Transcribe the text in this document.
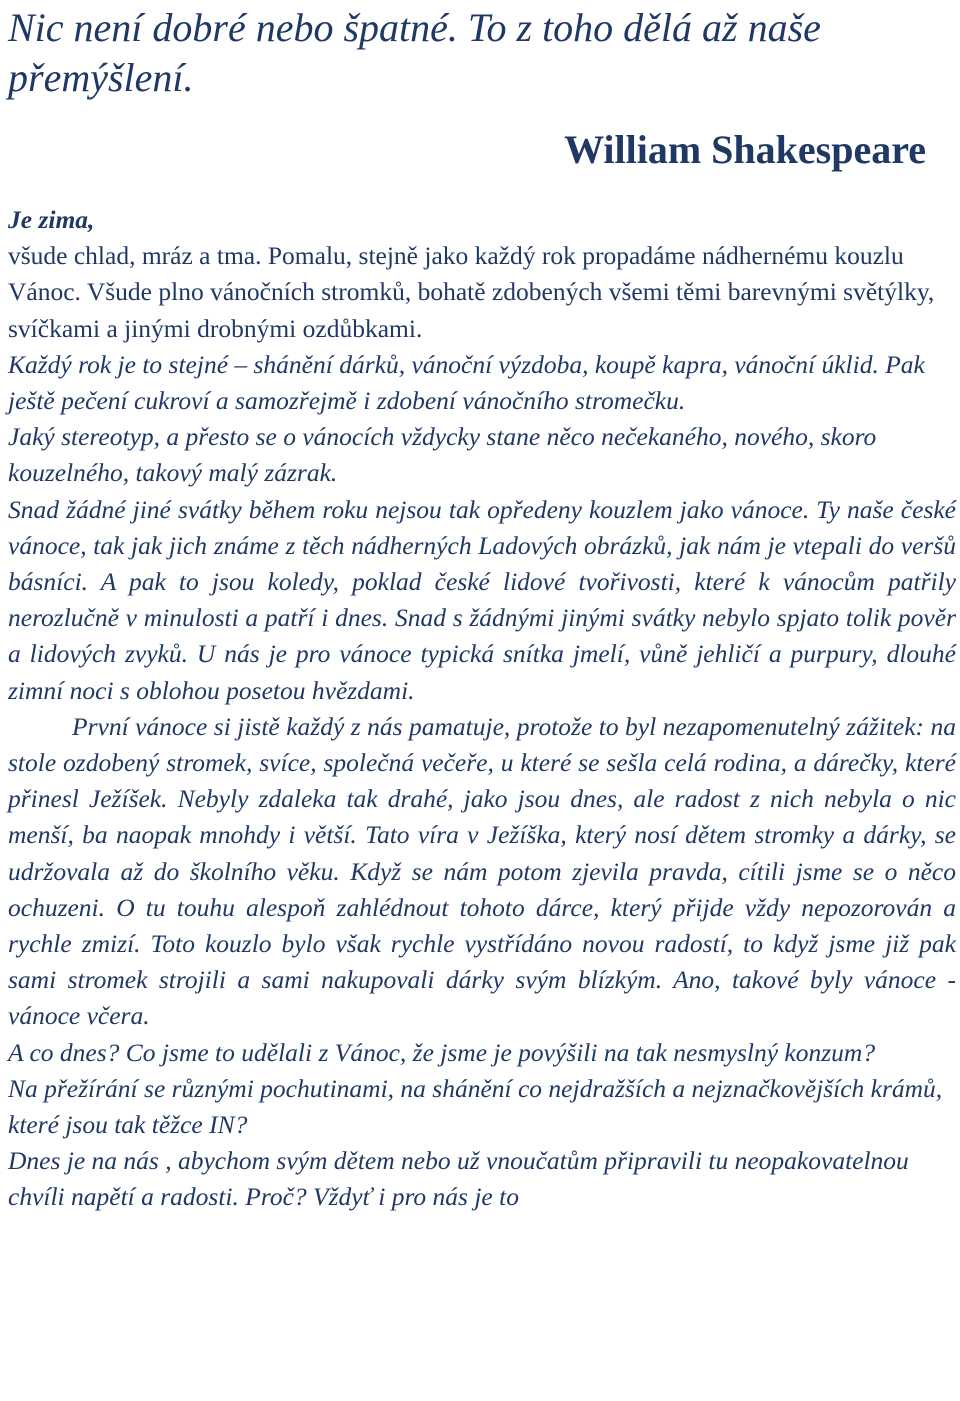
Nic není dobré nebo špatné. To z toho dělá až naše přemýšlení.

William Shakespeare

Je zima,

všude chlad, mráz a tma. Pomalu, stejně jako každý rok propadáme nádhernému kouzlu Vánoc. Všude plno vánočních stromků, bohatě zdobených všemi těmi barevnými světýlky, svíčkami a jinými drobnými ozdůbkami.

Každý rok je to stejné – shánění dárků, vánoční výzdoba, koupě kapra, vánoční úklid. Pak ještě pečení cukroví a samozřejmě i zdobení vánočního stromečku.

Jaký stereotyp, a přesto se o vánocích vždycky stane něco nečekaného, nového, skoro kouzelného, takový malý zázrak.

Snad žádné jiné svátky během roku nejsou tak opředeny kouzlem jako vánoce. Ty naše české vánoce, tak jak jich známe z těch nádherných Ladových obrázků, jak nám je vtepali do veršů básníci. A pak to jsou koledy, poklad české lidové tvořivosti, které k vánocům patřily nerozlučně v minulosti a patří i dnes. Snad s žádnými jinými svátky nebylo spjato tolik pověr a lidových zvyků. U nás je pro vánoce typická snítka jmelí, vůně jehličí a purpury, dlouhé zimní noci s oblohou posetou hvězdami.

První vánoce si jistě každý z nás pamatuje, protože to byl nezapomenutelný zážitek: na stole ozdobený stromek, svíce, společná večeře, u které se sešla celá rodina, a dárečky, které přinesl Ježíšek. Nebyly zdaleka tak drahé, jako jsou dnes, ale radost z nich nebyla o nic menší, ba naopak mnohdy i větší. Tato víra v Ježíška, který nosí dětem stromky a dárky, se udržovala až do školního věku. Když se nám potom zjevila pravda, cítili jsme se o něco ochuzeni. O tu touhu alespoň zahlédnout tohoto dárce, který přijde vždy nepozorován a rychle zmizí. Toto kouzlo bylo však rychle vystřídáno novou radostí, to když jsme již pak sami stromek strojili a sami nakupovali dárky svým blízkým. Ano, takové byly vánoce - vánoce včera.

A co dnes? Co jsme to udělali z Vánoc, že jsme je povýšili na tak nesmyslný konzum?

Na přežírání se různými pochutinami, na shánění co nejdražších a nejznačkovějších krámů, které jsou tak těžce IN?

Dnes je na nás , abychom svým dětem nebo už vnoučatům připravili tu neopakovatelnou chvíli napětí a radosti. Proč? Vždyť i pro nás je to
